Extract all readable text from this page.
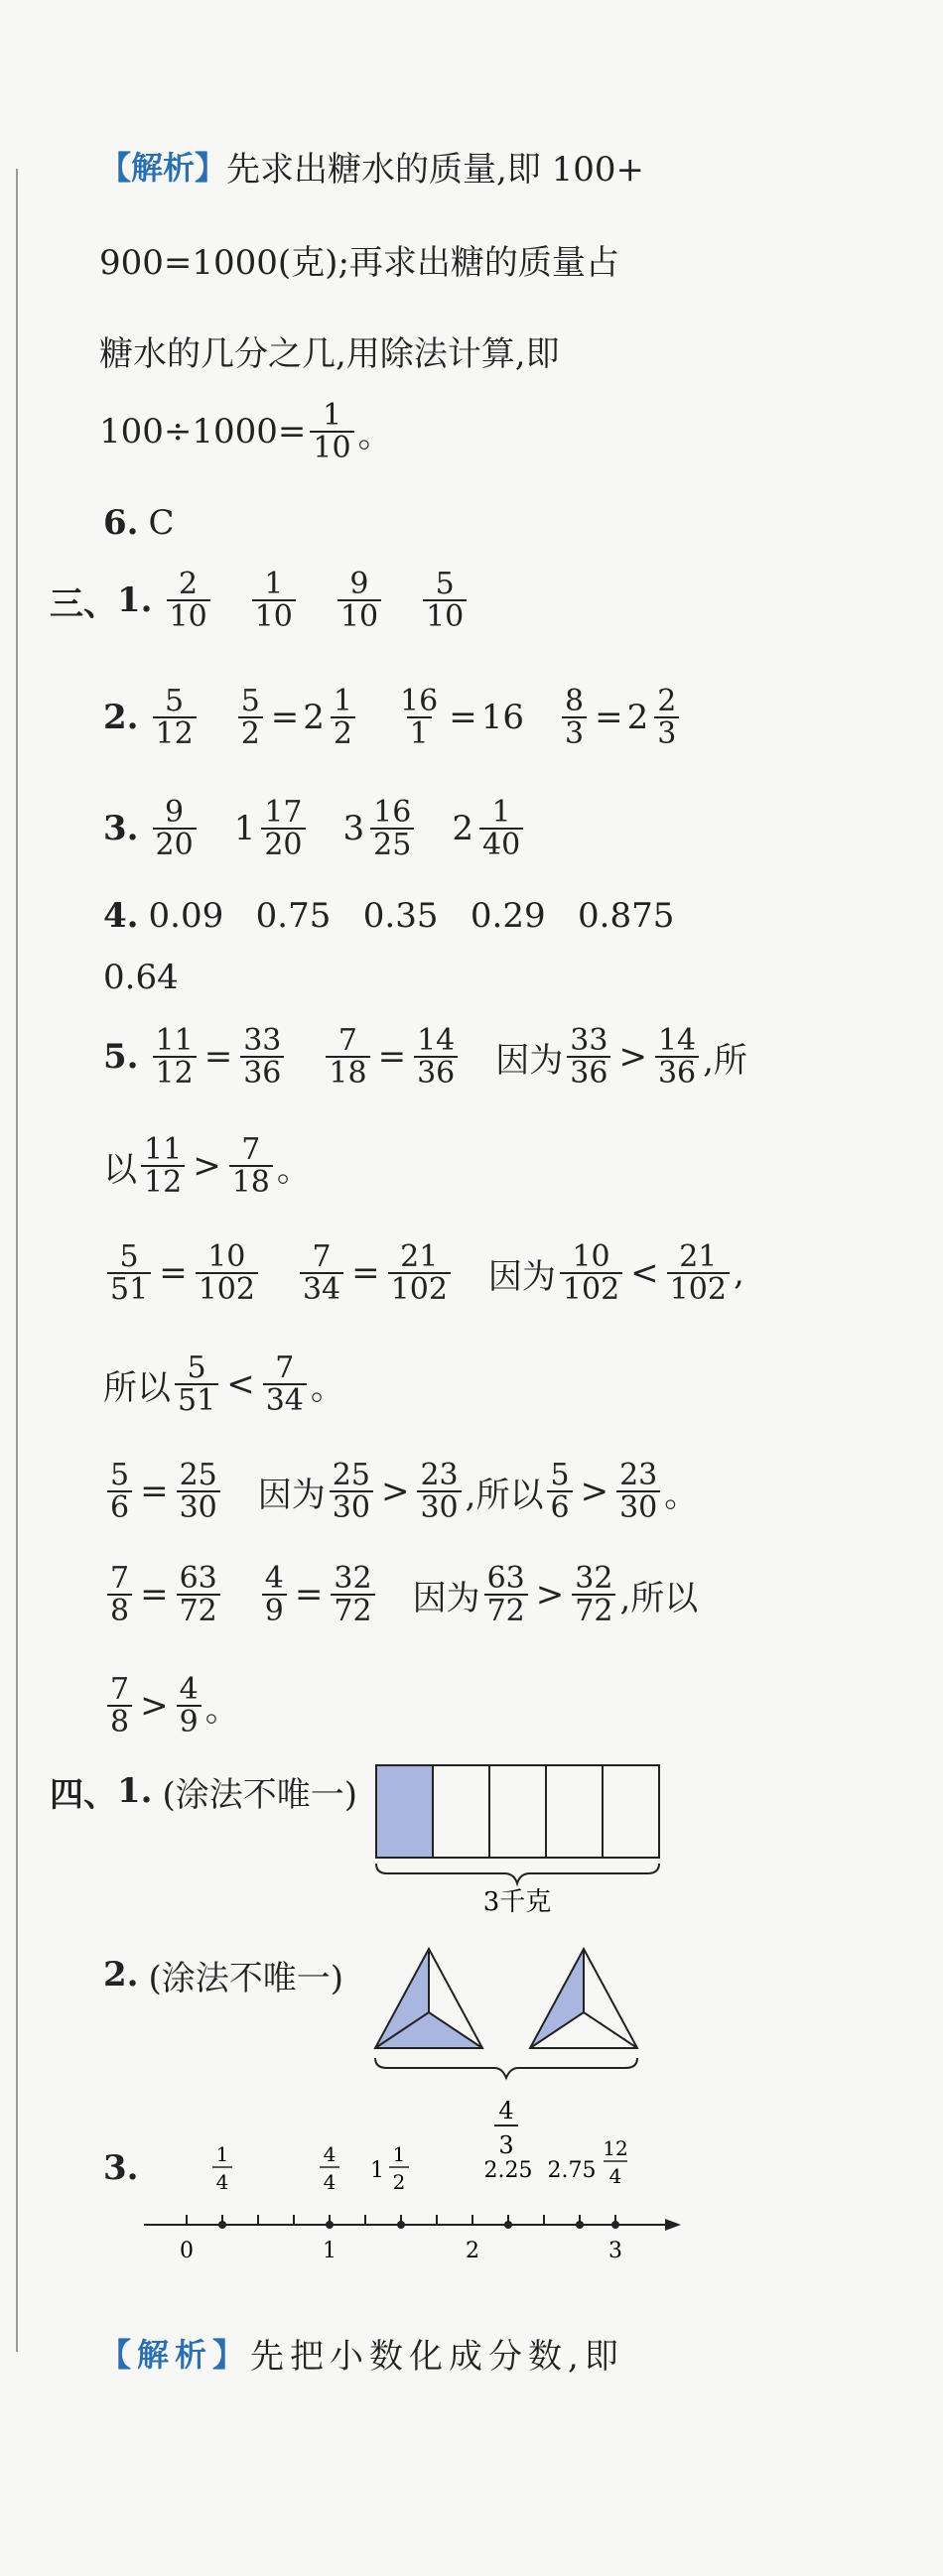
【解析】 先求出糖水的质量,即 100+
900=1000(克);再求出糖的质量占
糖水的几分之几,用除法计算,即
$100\div 1000= \frac{1}{10}$ 。
6. C
三、 1. $\frac{2}{10} \frac{1}{10} \frac{9}{10} \frac{5}{10}$
2. $\frac{5}{12} \frac{5}{2} = 2 \frac{1}{2} \frac{16}{1} = 16 \frac{8}{3} = 2 \frac{2}{3}$
3. $\frac{9}{20} 1 \frac{17}{20} 3 \frac{16}{25} 2 \frac{1}{40}$
4. 0.09   0.75   0.35   0.29   0.875
0.64
5. $\frac{11}{12} = \frac{33}{36} \frac{7}{18} = \frac{14}{36}$ 因为 $\frac{33}{36} > \frac{14}{36}$ ,所
以 $\frac{11}{12} > \frac{7}{18}$ 。
$\frac{5}{51} = \frac{10}{102} \frac{7}{34} = \frac{21}{102}$ 因为 $\frac{10}{102} < \frac{21}{102}$ ,
所以 $\frac{5}{51} < \frac{7}{34}$ 。
$\frac{5}{6} = \frac{25}{30}$ 因为 $\frac{25}{30} > \frac{23}{30}$ ,所以 $\frac{5}{6} > \frac{23}{30}$ 。
$\frac{7}{8} = \frac{63}{72} \frac{4}{9} = \frac{32}{72}$ 因为 $\frac{63}{72} > \frac{32}{72}$ ,所以
$\frac{7}{8} > \frac{4}{9}$ 。
四、 1. (涂法不唯一)
3千克
2. (涂法不唯一)
4
3
3.
0	1	2	3
1
4
4
4 1
1
2	2.25 2.75
12
4
【解析】 先把小数化成分数,即
